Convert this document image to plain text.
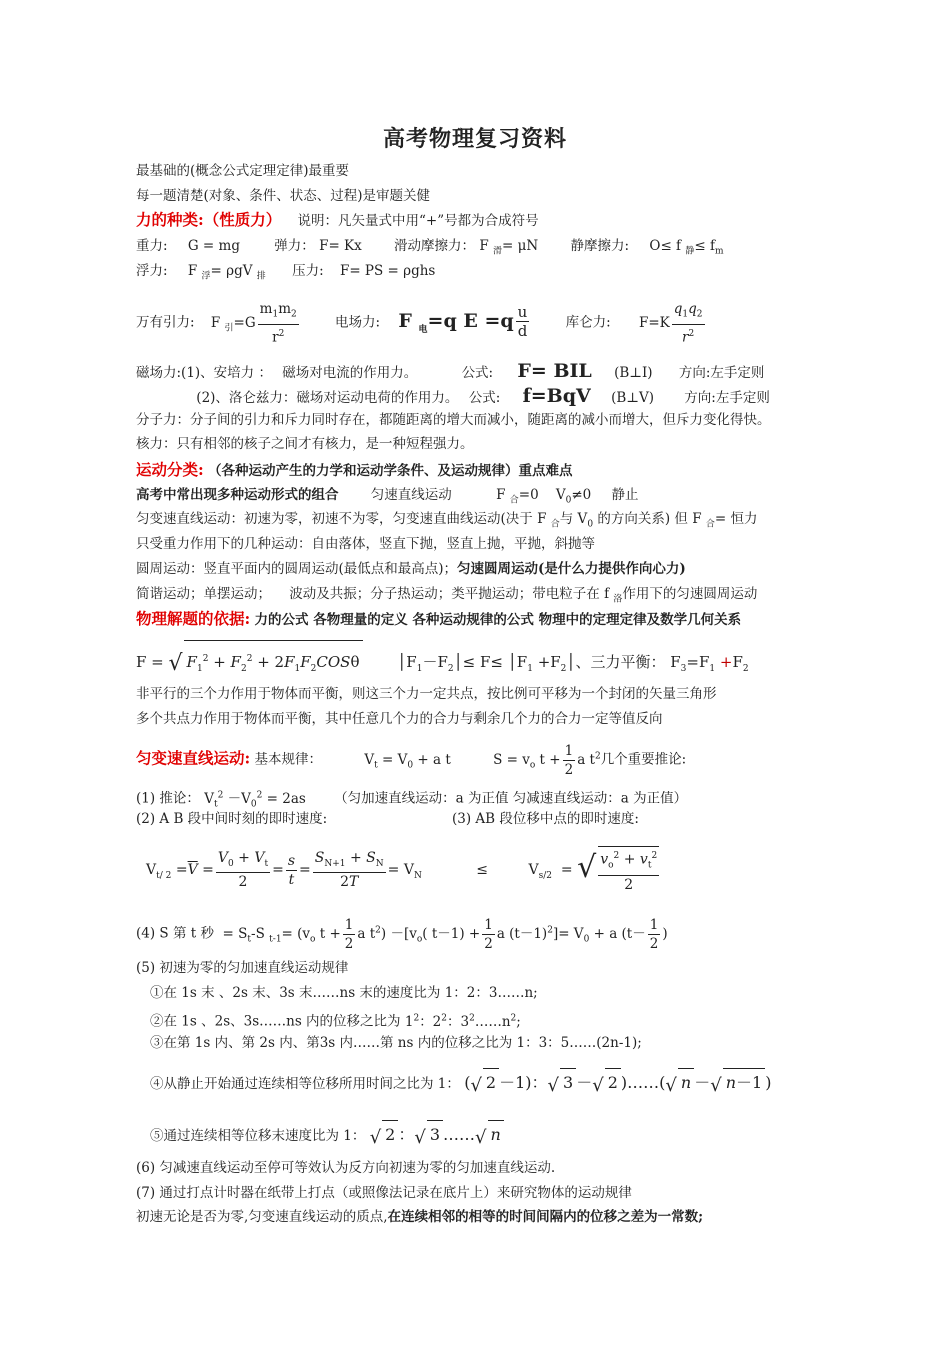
高考物理复习资料
最基础的(概念公式定理定律)最重要
每一题清楚(对象、条件、状态、过程)是审题关健
力的种类:（性质力） 说明：凡矢量式中用“+”号都为合成符号
重力: G = mg	弹力： F= Kx 滑动摩擦力： F $_滑$= μN 静摩擦力: O≤ f $_静\le f_m$
浮力: F $_浮$= ρgV $_排$ 压力: F= PS = ρghs
万有引力: F $_引=G \frac{m_1m_2}{r^2}$	电场力: F $_电$=q $E =q \frac{u}{d}$	库仑力: $F=K \frac{q_1q_2}{r^2}$
磁场力:(1)、安培力 ： 磁场对电流的作用力。	公式: F= BIL (B⊥I) 方向:左手定则
(2)、洛仑兹力：磁场对运动电荷的作用力。 公式: f=BqV (B⊥V) 方向:左手定则
分子力：分子间的引力和斥力同时存在，都随距离的增大而减小，随距离的减小而增大，但斥力变化得快。
核力：只有相邻的核子之间才有核力，是一种短程强力。
运动分类: （各种运动产生的力学和运动学条件、及运动规律）重点难点
高考中常出现多种运动形式的组合 匀速直线运动	F $_合$=0    $V_0\ne 0$ 静止
匀变速直线运动：初速为零，初速不为零，匀变速直曲线运动(决于 F $_合$与 $V_0$ 的方向关系) 但 F $_合$= 恒力
只受重力作用下的几种运动：自由落体，竖直下抛，竖直上抛，平抛，斜抛等
圆周运动：竖直平面内的圆周运动(最低点和最高点)；匀速圆周运动(是什么力提供作向心力)
简谐运动；单摆运动； 波动及共振；分子热运动；类平抛运动；带电粒子在 f $_洛$作用下的匀速圆周运动
物理解题的依据: 力的公式 各物理量的定义 各种运动规律的公式 物理中的定理定律及数学几何关系
F = √ $F_1^2 + F_2^2 + 2F_1F_2COS\theta$	$│F_1-F_2│\le F\le$ $│F_1$ $+F_2│$、三力平衡： $F_3=F_1 +F_2$
非平行的三个力作用于物体而平衡，则这三个力一定共点，按比例可平移为一个封闭的矢量三角形
多个共点力作用于物体而平衡，其中任意几个力的合力与剩余几个力的合力一定等值反向
匀变速直线运动: 基本规律：	$V_t = V_0 + a$ t	$S = v_o$ $t + \frac{1}{2}$ a $t^2$几个重要推论:
(1) 推论： $V_t^2 -V_0^2 = 2as$ （匀加速直线运动：a 为正值 匀减速直线运动：a 为正值）
(2) A B 段中间时刻的即时速度:	(3) AB 段位移中点的即时速度:
$V_{t/ 2} =\overline{V} = \frac{V_0 + V_t}{2} = \frac{s}{t} = \frac{S_{N+1} + S_N}{2T} = V_N$	≤	$V_{s/2}$  = √ $\frac{v_o^2 + v_t^2}{2}$
(4) S 第 t 秒  = $S_t-S$ $_{t-1}= (v_o$ $t + \frac{1}{2}$ a $t^2) -[v_o$( $t-1) + \frac{1}{2}$ a $(t-1)^2]= V_0 + a$ ($t- \frac{1}{2}$ )
(5) 初速为零的匀加速直线运动规律
①在 1s 末 、2s 末、3s 末……ns 末的速度比为 1：2：3……n;
②在 1s 、2s、3s……ns 内的位移之比为 $1^2$：$2^2$：$3^2\dots\dots n^2$;
③在第 1s 内、第 2s 内、第3s 内……第 ns 内的位移之比为 1：3：5……(2n-1);
④从静止开始通过连续相等位移所用时间之比为 1： (√ 2 －1)：√ 3 －√ 2 )……(√ n －√ n－1 )
⑤通过连续相等位移末速度比为 1： √ 2 ：√ 3 ……√ n
(6) 匀减速直线运动至停可等效认为反方向初速为零的匀加速直线运动.
(7) 通过打点计时器在纸带上打点（或照像法记录在底片上）来研究物体的运动规律
初速无论是否为零,匀变速直线运动的质点,在连续相邻的相等的时间间隔内的位移之差为一常数;
